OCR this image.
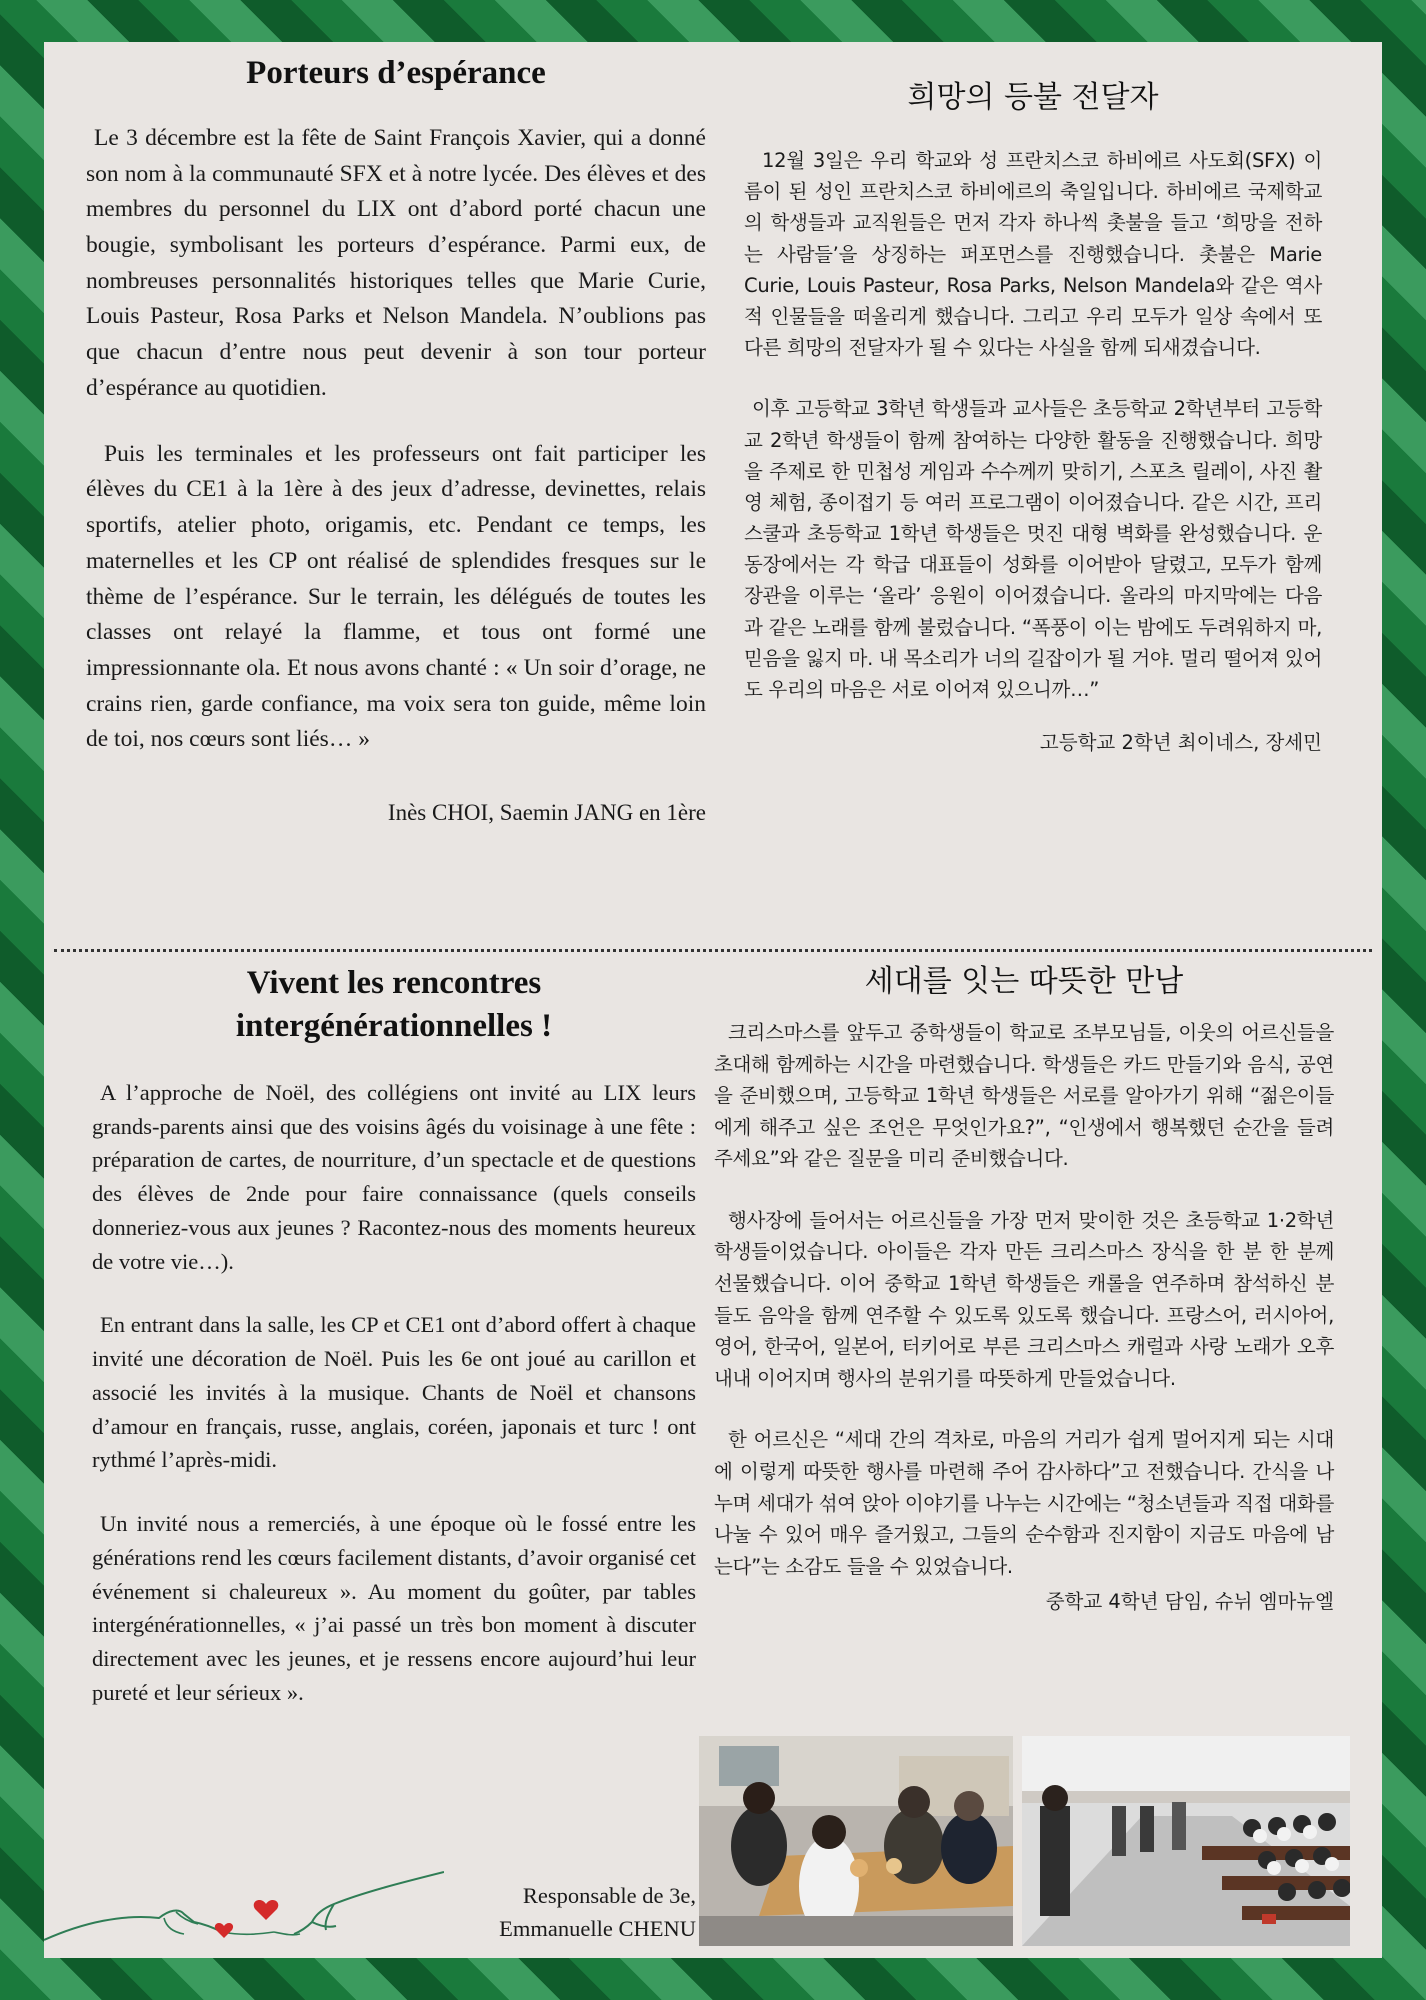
Porteurs d’espérance

Le 3 décembre est la fête de Saint François Xavier, qui a donné son nom à la communauté SFX et à notre lycée. Des élèves et des membres du personnel du LIX ont d’abord porté chacun une bougie, symbolisant les porteurs d’espérance. Parmi eux, de nombreuses personnalités historiques telles que Marie Curie, Louis Pasteur, Rosa Parks et Nelson Mandela. N’oublions pas que chacun d’entre nous peut devenir à son tour porteur d’espérance au quotidien.

Puis les terminales et les professeurs ont fait participer les élèves du CE1 à la 1ère à des jeux d’adresse, devinettes, relais sportifs, atelier photo, origamis, etc. Pendant ce temps, les maternelles et les CP ont réalisé de splendides fresques sur le thème de l’espérance. Sur le terrain, les délégués de toutes les classes ont relayé la flamme, et tous ont formé une impressionnante ola. Et nous avons chanté : « Un soir d’orage, ne crains rien, garde confiance, ma voix sera ton guide, même loin de toi, nos cœurs sont liés… »

Inès CHOI, Saemin JANG en 1ère
희망의 등불 전달자

12월 3일은 우리 학교와 성 프란치스코 하비에르 사도회(SFX) 이름이 된 성인 프란치스코 하비에르의 축일입니다. 하비에르 국제학교의 학생들과 교직원들은 먼저 각자 하나씩 촛불을 들고 ‘희망을 전하는 사람들’을 상징하는 퍼포먼스를 진행했습니다. 촛불은 Marie Curie, Louis Pasteur, Rosa Parks, Nelson Mandela와 같은 역사적 인물들을 떠올리게 했습니다. 그리고 우리 모두가 일상 속에서 또 다른 희망의 전달자가 될 수 있다는 사실을 함께 되새겼습니다.

이후 고등학교 3학년 학생들과 교사들은 초등학교 2학년부터 고등학교 2학년 학생들이 함께 참여하는 다양한 활동을 진행했습니다. 희망을 주제로 한 민첩성 게임과 수수께끼 맞히기, 스포츠 릴레이, 사진 촬영 체험, 종이접기 등 여러 프로그램이 이어졌습니다. 같은 시간, 프리스쿨과 초등학교 1학년 학생들은 멋진 대형 벽화를 완성했습니다. 운동장에서는 각 학급 대표들이 성화를 이어받아 달렸고, 모두가 함께 장관을 이루는 ‘올라’ 응원이 이어졌습니다. 올라의 마지막에는 다음과 같은 노래를 함께 불렀습니다. “폭풍이 이는 밤에도 두려워하지 마, 믿음을 잃지 마. 내 목소리가 너의 길잡이가 될 거야. 멀리 떨어져 있어도 우리의 마음은 서로 이어져 있으니까…”

고등학교 2학년 최이네스, 장세민
Vivent les rencontres intergénérationnelles !

A l’approche de Noël, des collégiens ont invité au LIX leurs grands-parents ainsi que des voisins âgés du voisinage à une fête : préparation de cartes, de nourriture, d’un spectacle et de questions des élèves de 2nde pour faire connaissance (quels conseils donneriez-vous aux jeunes ? Racontez-nous des moments heureux de votre vie…).

En entrant dans la salle, les CP et CE1 ont d’abord offert à chaque invité une décoration de Noël. Puis les 6e ont joué au carillon et associé les invités à la musique. Chants de Noël et chansons d’amour en français, russe, anglais, coréen, japonais et turc ! ont rythmé l’après-midi.

Un invité nous a remerciés, à une époque où le fossé entre les générations rend les cœurs facilement distants, d’avoir organisé cet événement si chaleureux ». Au moment du goûter, par tables intergénérationnelles, « j’ai passé un très bon moment à discuter directement avec les jeunes, et je ressens encore aujourd’hui leur pureté et leur sérieux ».

Responsable de 3e,
Emmanuelle CHENU
세대를 잇는 따뜻한 만남

크리스마스를 앞두고 중학생들이 학교로 조부모님들, 이웃의 어르신들을 초대해 함께하는 시간을 마련했습니다. 학생들은 카드 만들기와 음식, 공연을 준비했으며, 고등학교 1학년 학생들은 서로를 알아가기 위해 “젊은이들에게 해주고 싶은 조언은 무엇인가요?”, “인생에서 행복했던 순간을 들려주세요”와 같은 질문을 미리 준비했습니다.

행사장에 들어서는 어르신들을 가장 먼저 맞이한 것은 초등학교 1·2학년 학생들이었습니다. 아이들은 각자 만든 크리스마스 장식을 한 분 한 분께 선물했습니다. 이어 중학교 1학년 학생들은 캐롤을 연주하며 참석하신 분들도 음악을 함께 연주할 수 있도록 있도록 했습니다. 프랑스어, 러시아어, 영어, 한국어, 일본어, 터키어로 부른 크리스마스 캐럴과 사랑 노래가 오후 내내 이어지며 행사의 분위기를 따뜻하게 만들었습니다.

한 어르신은 “세대 간의 격차로, 마음의 거리가 쉽게 멀어지게 되는 시대에 이렇게 따뜻한 행사를 마련해 주어 감사하다”고 전했습니다. 간식을 나누며 세대가 섞여 앉아 이야기를 나누는 시간에는 “청소년들과 직접 대화를 나눌 수 있어 매우 즐거웠고, 그들의 순수함과 진지함이 지금도 마음에 남는다”는 소감도 들을 수 있었습니다.

중학교 4학년 담임, 슈뉘 엠마뉴엘
